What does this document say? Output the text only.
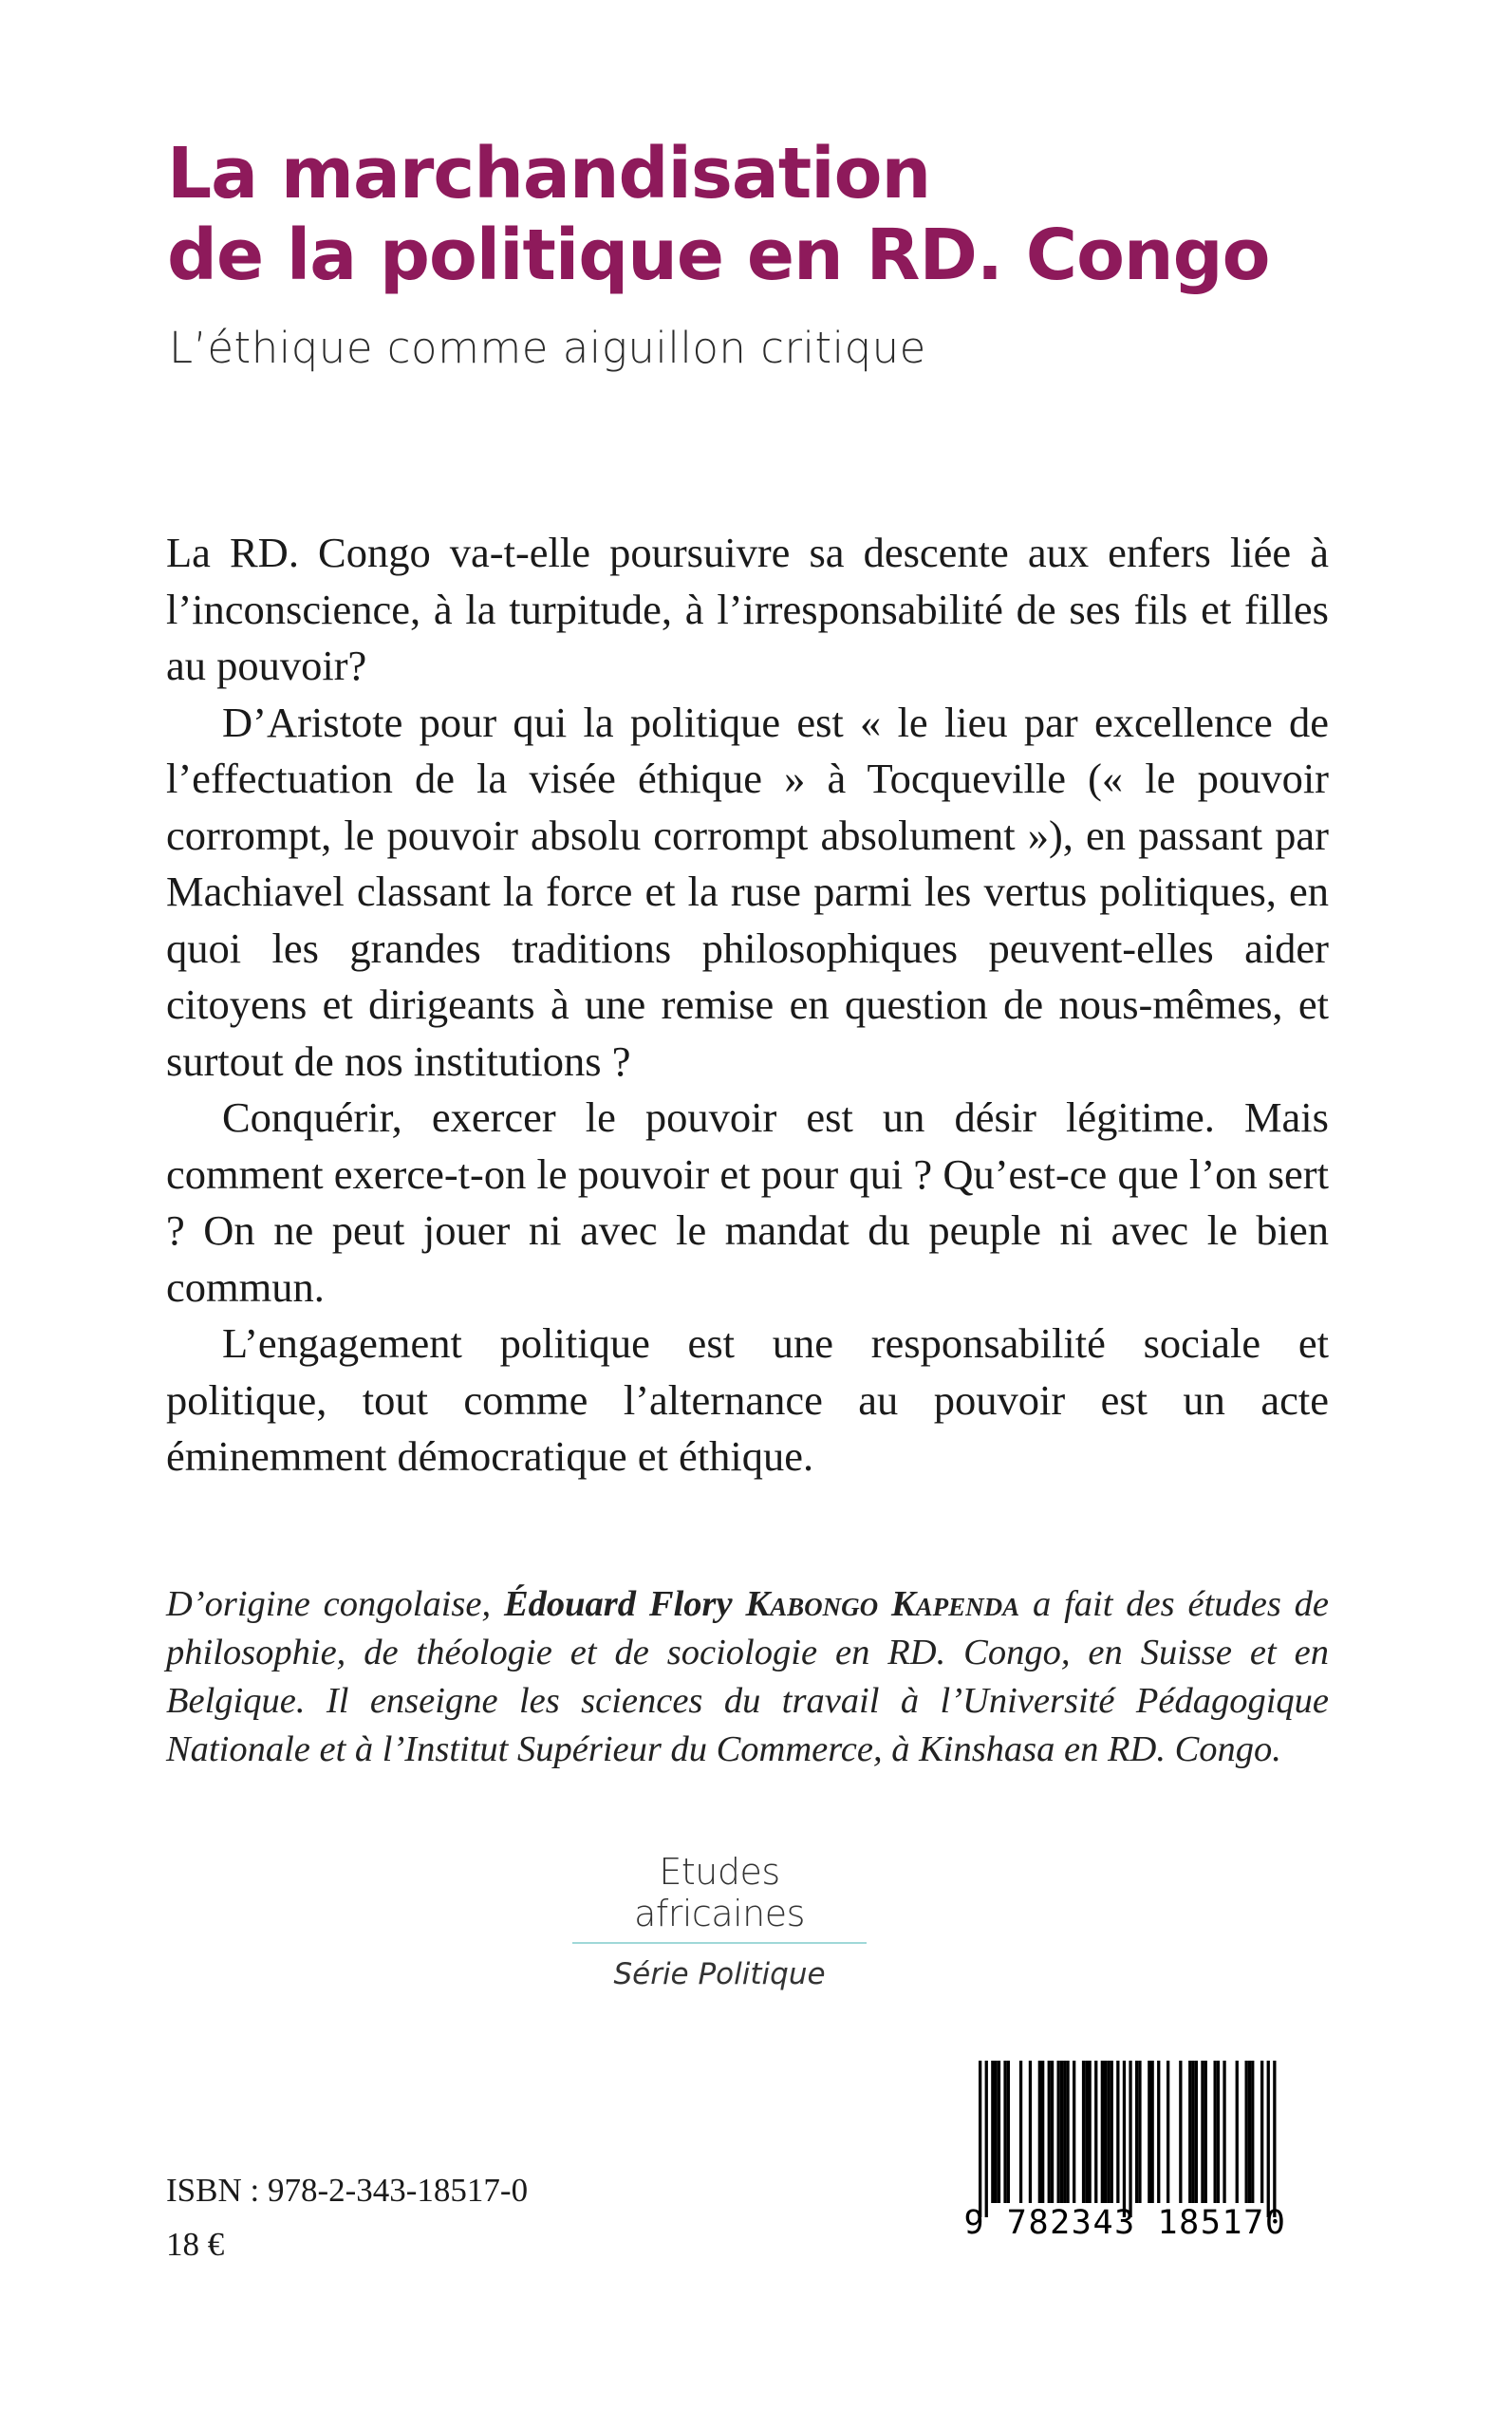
La marchandisation
de la politique en RD. Congo
L’éthique comme aiguillon critique

La RD. Congo va-t-elle poursuivre sa descente aux enfers liée à l’inconscience, à la turpitude, à l’irresponsabilité de ses fils et filles au pouvoir?

D’Aristote pour qui la politique est « le lieu par excellence de l’effectuation de la visée éthique » à Tocqueville (« le pouvoir corrompt, le pouvoir absolu corrompt absolument »), en passant par Machiavel classant la force et la ruse parmi les vertus politiques, en quoi les grandes traditions philosophiques peuvent-elles aider citoyens et dirigeants à une remise en question de nous-mêmes, et surtout de nos institutions ?

Conquérir, exercer le pouvoir est un désir légitime. Mais comment exerce-t-on le pouvoir et pour qui ? Qu’est-ce que l’on sert ? On ne peut jouer ni avec le mandat du peuple ni avec le bien commun.

L’engagement politique est une responsabilité sociale et politique, tout comme l’alternance au pouvoir est un acte éminemment démocratique et éthique.

D’origine congolaise, Édouard Flory Kabongo Kapenda a fait des études de philosophie, de théologie et de sociologie en RD. Congo, en Suisse et en Belgique. Il enseigne les sciences du travail à l’Université Pédagogique Nationale et à l’Institut Supérieur du Commerce, à Kinshasa en RD. Congo.
Etudes africaines
Série Politique
ISBN : 978-2-343-18517-0
18 €
9 782343 185170
